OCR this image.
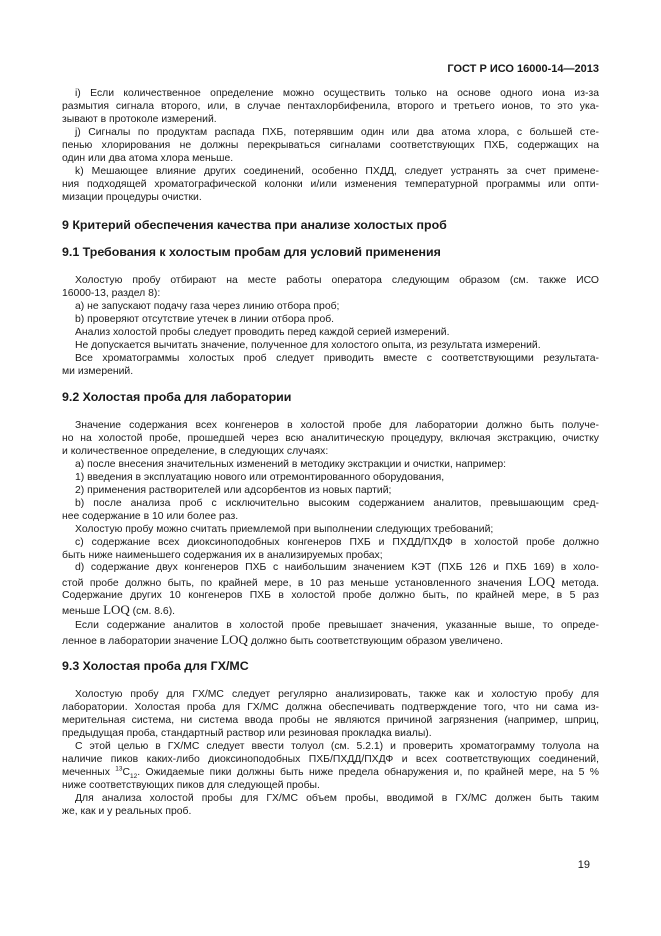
ГОСТ Р ИСО 16000-14—2013
i) Если количественное определение можно осуществить только на основе одного иона из-за
размытия сигнала второго, или, в случае пентахлорбифенила, второго и третьего ионов, то это ука-
зывают в протоколе измерений.
j) Сигналы по продуктам распада ПХБ, потерявшим один или два атома хлора, с большей сте-
пенью хлорирования не должны перекрываться сигналами соответствующих ПХБ, содержащих на
один или два атома хлора меньше.
k) Мешающее влияние других соединений, особенно ПХДД, следует устранять за счет примене-
ния подходящей хроматографической колонки и/или изменения температурной программы или опти-
мизации процедуры очистки.
9 Критерий обеспечения качества при анализе холостых проб
9.1 Требования к холостым пробам для условий применения
Холостую пробу отбирают на месте работы оператора следующим образом (см. также ИСО
16000-13, раздел 8):
a) не запускают подачу газа через линию отбора проб;
b) проверяют отсутствие утечек в линии отбора проб.
Анализ холостой пробы следует проводить перед каждой серией измерений.
Не допускается вычитать значение, полученное для холостого опыта, из результата измерений.
Все хроматограммы холостых проб следует приводить вместе с соответствующими результата-
ми измерений.
9.2 Холостая проба для лаборатории
Значение содержания всех конгенеров в холостой пробе для лаборатории должно быть получе-
но на холостой пробе, прошедшей через всю аналитическую процедуру, включая экстракцию, очистку
и количественное определение, в следующих случаях:
a) после внесения значительных изменений в методику экстракции и очистки, например:
1) введения в эксплуатацию нового или отремонтированного оборудования,
2) применения растворителей или адсорбентов из новых партий;
b) после анализа проб с исключительно высоким содержанием аналитов, превышающим сред-
нее содержание в 10 или более раз.
Холостую пробу можно считать приемлемой при выполнении следующих требований;
c) содержание всех диоксиноподобных конгенеров ПХБ и ПХДД/ПХДФ в холостой пробе должно
быть ниже наименьшего содержания их в анализируемых пробах;
d) содержание двух конгенеров ПХБ с наибольшим значением КЭТ (ПХБ 126 и ПХБ 169) в холо-
стой пробе должно быть, по крайней мере, в 10 раз меньше установленного значения LOQ метода.
Содержание других 10 конгенеров ПХБ в холостой пробе должно быть, по крайней мере, в 5 раз
меньше LOQ (см. 8.6).
Если содержание аналитов в холостой пробе превышает значения, указанные выше, то опреде-
ленное в лаборатории значение LOQ должно быть соответствующим образом увеличено.
9.3 Холостая проба для ГХ/МС
Холостую пробу для ГХ/МС следует регулярно анализировать, также как и холостую пробу для
лаборатории. Холостая проба для ГХ/МС должна обеспечивать подтверждение того, что ни сама из-
мерительная система, ни система ввода пробы не являются причиной загрязнения (например, шприц,
предыдущая проба, стандартный раствор или резиновая прокладка виалы).
С этой целью в ГХ/МС следует ввести толуол (см. 5.2.1) и проверить хроматограмму толуола на
наличие пиков каких-либо диоксиноподобных ПХБ/ПХДД/ПХДФ и всех соответствующих соединений,
меченных $^{13}C_{12}$. Ожидаемые пики должны быть ниже предела обнаружения и, по крайней мере, на 5 %
ниже соответствующих пиков для следующей пробы.
Для анализа холостой пробы для ГХ/МС объем пробы, вводимой в ГХ/МС должен быть таким
же, как и у реальных проб.
19
